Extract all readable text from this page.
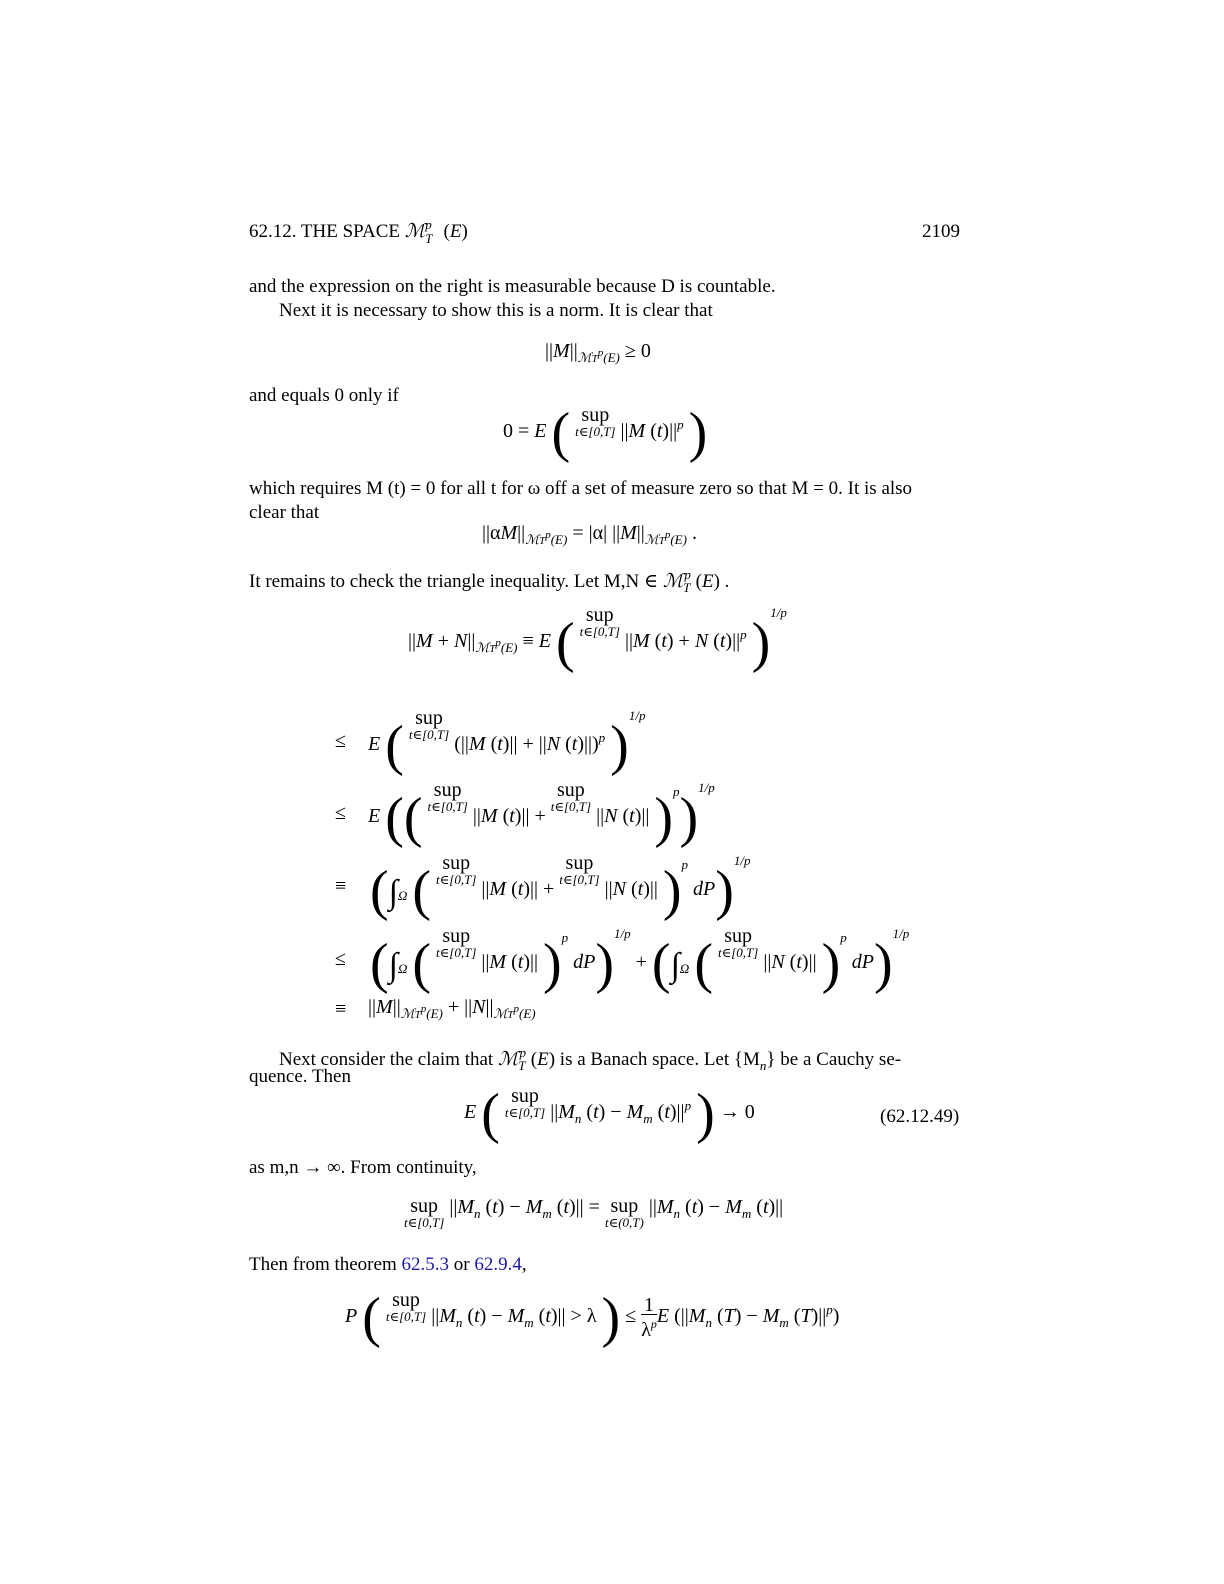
62.12. THE SPACE ℳ$_T^p$ (E)	2109
and the expression on the right is measurable because D is countable.
Next it is necessary to show this is a norm. It is clear that
$||M||_{ℳT^p(E)} \ge 0$
and equals 0 only if
0 = E ( sup
t∈[0,T] ||M $(t)||^p$ )
which requires M (t) = 0 for all t for ω off a set of measure zero so that M = 0. It is also
clear that
$||\alpha M||_{ℳT^p(E)} = |\alpha|$ $||M||_{ℳT^p(E)}$ .
It remains to check the triangle inequality. Let M,N ∈ ℳ$_T^p$ (E) .
$||M + N||_{ℳT^p(E)} \equiv E$ ( sup
t∈[0,T] ||M (t) + N $(t)||^p$ )$^{1/p}$
≤ E ( sup
t∈[0,T] (||M (t)|| + ||N (t)||)$^p$ )$^{1/p}$
≤ E (( sup
t∈[0,T] ||M (t)|| + sup
t∈[0,T] ||N (t)|| )$^p$)$^{1/p}$
≡ ($\int_\Omega$ ( sup
t∈[0,T] ||M (t)|| + sup
t∈[0,T] ||N (t)|| )$^p$ dP)$^{1/p}$
≤ ($\int_\Omega$ ( sup
t∈[0,T] ||M (t)|| )$^p$ $dP)^{1/p} + (\int_\Omega$ ( sup
t∈[0,T] ||N (t)|| )$^p$ dP)$^{1/p}$
≡ $||M||_{ℳT^p(E)} + ||N||_{ℳT^p(E)}$
Next consider the claim that ℳ$_T^p$ (E) is a Banach space. Let $\{M_n\}$ be a Cauchy se-
quence. Then
E ( sup
t∈[0,T] $||M_n$ $(t) - M_m$ $(t)||^p$ ) → 0	(62.12.49)
as m,n → ∞. From continuity,
sup
t∈[0,T]
$||M_n$ $(t) - M_m$ (t)|| = sup
t∈(0,T)
$||M_n$ $(t) - M_m$ (t)||
Then from theorem 62.5.3 or 62.9.4,
P ( sup
t∈[0,T] $||M_n$ $(t) - M_m$ (t)|| > λ ) ≤ $\frac{1}{\lambda^p}$ E ($||M_n$ $(T) - M_m$ $(T)||^p$)
